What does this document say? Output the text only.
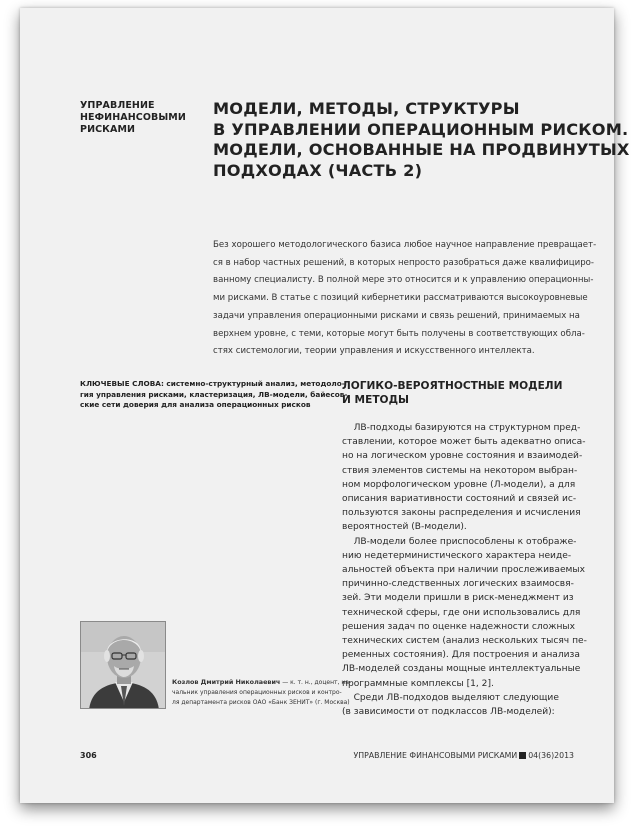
УПРАВЛЕНИЕ
НЕФИНАНСОВЫМИ
РИСКАМИ
МОДЕЛИ, МЕТОДЫ, СТРУКТУРЫ
В УПРАВЛЕНИИ ОПЕРАЦИОННЫМ РИСКОМ.
МОДЕЛИ, ОСНОВАННЫЕ НА ПРОДВИНУТЫХ
ПОДХОДАХ (ЧАСТЬ 2)
Без хорошего методологического базиса любое научное направление превращает-
ся в набор частных решений, в которых непросто разобраться даже квалифициро-
ванному специалисту. В полной мере это относится и к управлению операционны-
ми рисками. В статье с позиций кибернетики рассматриваются высокоуровневые
задачи управления операционными рисками и связь решений, принимаемых на
верхнем уровне, с теми, которые могут быть получены в соответствующих обла-
стях системологии, теории управления и искусственного интеллекта.
КЛЮЧЕВЫЕ СЛОВА: системно-структурный анализ, методоло-
гия управления рисками, кластеризация, ЛВ-модели, байесов-
ские сети доверия для анализа операционных рисков
ЛОГИКО-ВЕРОЯТНОСТНЫЕ МОДЕЛИ
И МЕТОДЫ
ЛВ-подходы базируются на структурном пред-
ставлении, которое может быть адекватно описа-
но на логическом уровне состояния и взаимодей-
ствия элементов системы на некотором выбран-
ном морфологическом уровне (Л-модели), а для
описания вариативности состояний и связей ис-
пользуются законы распределения и исчисления
вероятностей (В-модели).
ЛВ-модели более приспособлены к отображе-
нию недетерминистического характера неиде-
альностей объекта при наличии прослеживаемых
причинно-следственных логических взаимосвя-
зей. Эти модели пришли в риск-менеджмент из
технической сферы, где они использовались для
решения задач по оценке надежности сложных
технических систем (анализ нескольких тысяч пе-
ременных состояния). Для построения и анализа
ЛВ-моделей созданы мощные интеллектуальные
программные комплексы [1, 2].
Среди ЛВ-подходов выделяют следующие
(в зависимости от подклассов ЛВ-моделей):
Козлов Дмитрий Николаевич — к. т. н., доцент, на-
чальник управления операционных рисков и контро-
ля департамента рисков ОАО «Банк ЗЕНИТ» (г. Москва)
306	УПРАВЛЕНИЕ ФИНАНСОВЫМИ РИСКАМИ 04(36)2013
